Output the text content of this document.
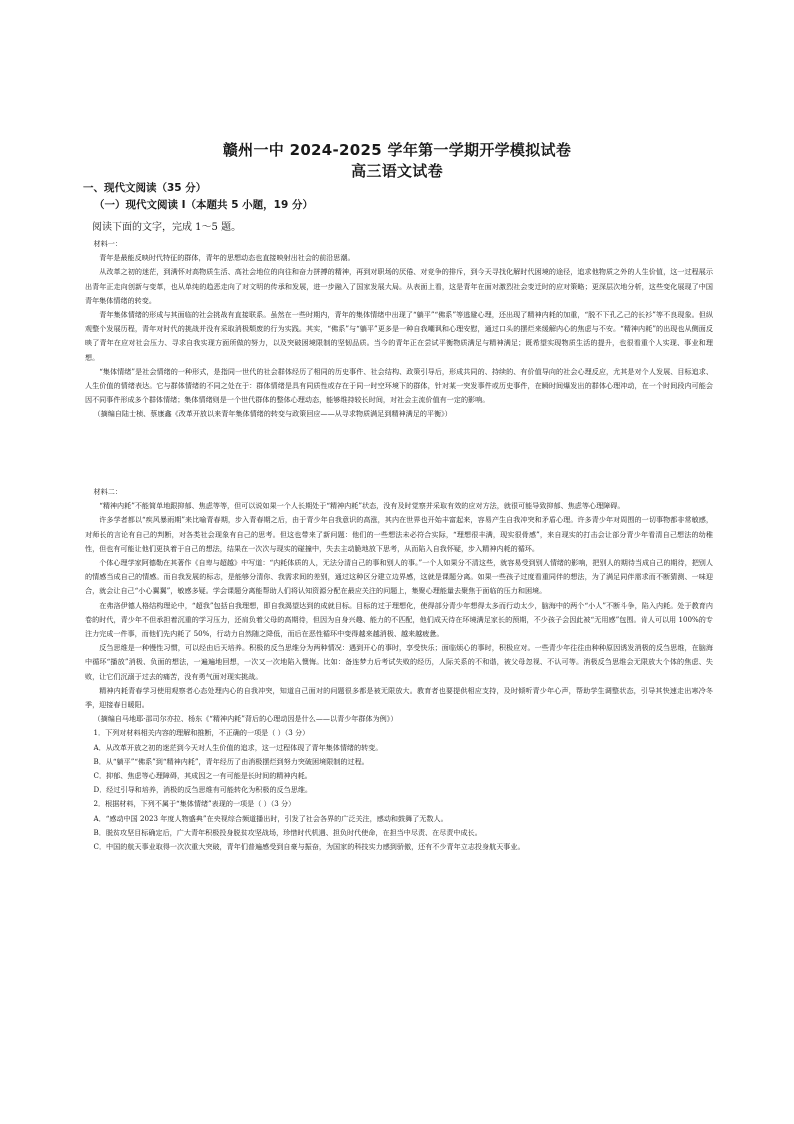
赣州一中 2024-2025 学年第一学期开学模拟试卷
高三语文试卷
一、现代文阅读（35 分）
（一）现代文阅读 I（本题共 5 小题，19 分）
阅读下面的文字，完成 1～5 题。

材料一：

青年是最能反映时代特征的群体，青年的思想动态也直接映射出社会的前沿思潮。

从改革之初的迷茫，到满怀对高物质生活、高社会地位的向往和奋力拼搏的精神，再到对职场的厌倦、对竞争的排斥，到今天寻找化解时代困境的途径，追求他物质之外的人生价值，这一过程展示出青年正走向创新与变革，也从单纯的趋恶走向了对文明的传承和发展，进一步融入了国家发展大局。从表面上看，这是青年在面对激烈社会变迁时的应对策略；更深层次地分析，这些变化展现了中国青年集体情绪的转变。

青年集体情绪的形成与其面临的社会挑战有直接联系。虽然在一些时期内，青年的集体情绪中出现了“躺平”“佛系”等逃避心理，还出现了精神内耗的加重，“脱不下孔乙己的长衫”等不良现象。但纵观整个发展历程，青年对时代的挑战并没有采取消极颓废的行为实践。其实，“佛系”与“躺平”更多是一种自我嘲讽和心理安慰，通过口头的摆烂来缓解内心的焦虑与不安。“精神内耗”的出现也从侧面反映了青年在应对社会压力、寻求自我实现方面所做的努力，以及突破困境限制的坚韧品质。当今的青年正在尝试平衡物质满足与精神满足；既希望实现物质生活的提升，也很看重个人实现、事业和理想。

“集体情绪”是社会情绪的一种形式，是指同一世代的社会群体经历了相同的历史事件、社会结构、政策引导后，形成共同的、持续的、有价值导向的社会心理反应，尤其是对个人发展、目标追求、人生价值的情绪表达。它与群体情绪的不同之处在于：群体情绪是具有同质性或存在于同一时空环境下的群体，针对某一突发事件或历史事件，在瞬时间爆发出的群体心理冲动，在一个时间段内可能会因不同事件形成多个群体情绪；集体情绪则是一个世代群体的整体心理动态，能够维持较长时间，对社会主流价值有一定的影响。

（摘编自陆士桢、蔡康鑫《改革开放以来青年集体情绪的转变与政策回应——从寻求物质满足到精神满足的平衡》）

材料二：

“精神内耗”不能简单地跟抑郁、焦虑等等，但可以说如果一个人长期处于“精神内耗”状态，没有及时觉察并采取有效的应对方法，就很可能导致抑郁、焦虑等心理障碍。

许多学者都以“疾风暴雨期”来比喻青春期，步入青春期之后，由于青少年自我意识的高涨，其内在世界也开始丰富起来，容易产生自我冲突和矛盾心理。许多青少年对周围的一切事物都非常敏感，对师长的言论有自己的判断，对各类社会现象有自己的思考。但这也带来了新问题：他们的一些想法未必符合实际，“理想很丰满，现实很骨感”，来自现实的打击会让部分青少年看清自己想法的幼稚性，但也有可能让他们更执着于自己的想法，结果在一次次与现实的碰撞中，失去主动脆地放下思考，从而陷入自我怀疑，步入精神内耗的循环。

个体心理学家阿德勒在其著作《自卑与超越》中写道：“内耗体质的人，无法分清自己的事和别人的事。”一个人如果分不清这些，就容易受到别人情绪的影响，把别人的期待当成自己的期待，把别人的情感当成自己的情感。而自我发展的标志，是能够分清你、我需求间的差别，通过这种区分建立边界感，这就是课题分离。如果一些孩子过度看重同伴的想法，为了满足同伴需求而不断猜测、一味迎合，就会让自己“小心翼翼”，敏感多疑。学会课题分离能帮助人们将认知资源分配在最应关注的问题上，集聚心理能量去聚焦于面临的压力和困境。

在弗洛伊德人格结构理论中，“超我”包括自我理想，即自我渴望达到的成就目标。目标的过于理想化，使得部分青少年想得太多而行动太少，脑海中的两个“小人”不断斗争，陷入内耗。处于教育内卷的时代，青少年不但承担着沉重的学习压力，还肩负着父母的高期待，但因为自身兴趣、能力的不匹配，他们成天待在环境满足家长的预期，不少孩子会因此被“无用感”包围。肯人可以用 100%的专注力完成一件事，而他们先内耗了 50%，行动力自然随之降低，而后在恶性循环中变得越来越消极、越来越疲惫。

反刍思维是一种慢性习惯，可以经由后天培养。积极的反刍思维分为两种情况：遇到开心的事时，享受快乐；面临烦心的事时，积极应对。一些青少年往往由种种原因诱发消极的反刍思维，在脑海中循环“播放”消极、负面的想法，一遍遍地回想，一次又一次地陷入懊悔。比如：备连梦力后考试失败的经历，人际关系的不和谐，被父母忽视、不认可等。消极反刍思维会无限放大个体的焦虑、失败，让它们沉溺于过去的痛苦，没有勇气面对现实挑战。

精神内耗青春学习使用观察者心态处理内心的自我冲突，知道自己面对的问题很多都是被无限放大。教育者也要提供相应支持，及时倾听青少年心声，帮助学生调整状态，引导其快速走出寒冷冬季，迎接春日暖阳。

（摘编自马地耶·邵司尔亦拉、杨东《“精神内耗”背后的心理动因是什么——以青少年群体为例》）

1．下列对材料相关内容的理解和推断，不正确的一项是（ ）（3 分）

A．从改革开放之初的迷茫到今天对人生价值的追求，这一过程体现了青年集体情绪的转变。

B．从“躺平”“佛系”到“精神内耗”，青年经历了由消极摆烂到努力突破困境限制的过程。

C．抑郁、焦虑等心理障碍，其成因之一有可能是长时间的精神内耗。

D．经过引导和培养，消极的反刍思维有可能转化为积极的反刍思维。

2．根据材料，下列不属于“集体情绪”表现的一项是（ ）（3 分）

A．“感动中国 2023 年度人物盛典”在央视综合频道播出时，引发了社会各界的广泛关注，感动和鼓舞了无数人。

B．脱贫攻坚目标确定后，广大青年积极投身脱贫攻坚战场，珍惜时代机遇、担负时代使命，在担当中尽责、在尽责中成长。

C．中国的航天事业取得一次次重大突破，青年们普遍感受到自豪与振奋，为国家的科技实力感到骄傲，还有不少青年立志投身航天事业。
